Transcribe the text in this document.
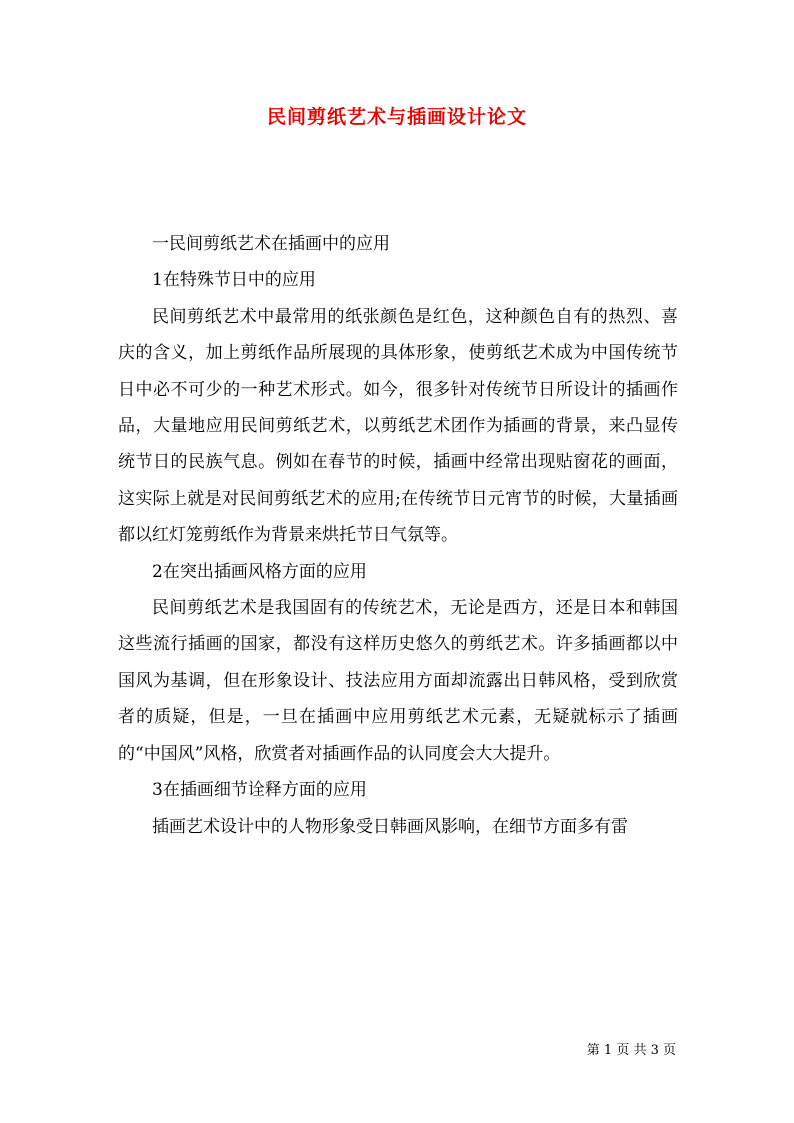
民间剪纸艺术与插画设计论文

一民间剪纸艺术在插画中的应用

1在特殊节日中的应用

民间剪纸艺术中最常用的纸张颜色是红色，这种颜色自有的热烈、喜庆的含义，加上剪纸作品所展现的具体形象，使剪纸艺术成为中国传统节日中必不可少的一种艺术形式。如今，很多针对传统节日所设计的插画作品，大量地应用民间剪纸艺术，以剪纸艺术团作为插画的背景，来凸显传统节日的民族气息。例如在春节的时候，插画中经常出现贴窗花的画面，这实际上就是对民间剪纸艺术的应用;在传统节日元宵节的时候，大量插画都以红灯笼剪纸作为背景来烘托节日气氛等。

2在突出插画风格方面的应用

民间剪纸艺术是我国固有的传统艺术，无论是西方，还是日本和韩国这些流行插画的国家，都没有这样历史悠久的剪纸艺术。许多插画都以中国风为基调，但在形象设计、技法应用方面却流露出日韩风格，受到欣赏者的质疑，但是，一旦在插画中应用剪纸艺术元素，无疑就标示了插画的“中国风”风格，欣赏者对插画作品的认同度会大大提升。

3在插画细节诠释方面的应用

插画艺术设计中的人物形象受日韩画风影响，在细节方面多有雷

第 1 页 共 3 页
